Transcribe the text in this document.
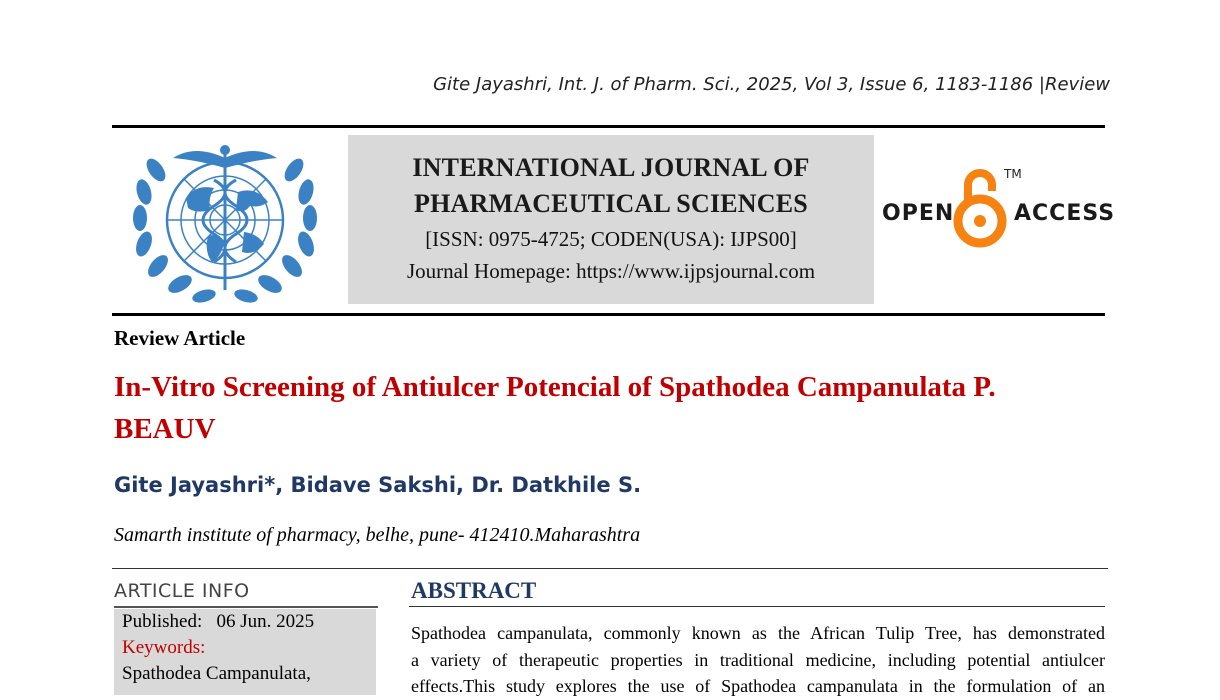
Gite Jayashri, Int. J. of Pharm. Sci., 2025, Vol 3, Issue 6, 1183-1186 |Review
INTERNATIONAL JOURNAL OF
PHARMACEUTICAL SCIENCES
[ISSN: 0975-4725; CODEN(USA): IJPS00]
Journal Homepage: https://www.ijpsjournal.com
OPEN
TM
ACCESS
Review Article
In-Vitro Screening of Antiulcer Potencial of Spathodea Campanulata P.
BEAUV
Gite Jayashri*, Bidave Sakshi, Dr. Datkhile S.
Samarth institute of pharmacy, belhe, pune- 412410.Maharashtra
ARTICLE INFO
Published: 06 Jun. 2025
Keywords:
Spathodea Campanulata,
ABSTRACT
Spathodea campanulata, commonly known as the African Tulip Tree, has demonstrated
a variety of therapeutic properties in traditional medicine, including potential antiulcer
effects.This study explores the use of Spathodea campanulata in the formulation of an
